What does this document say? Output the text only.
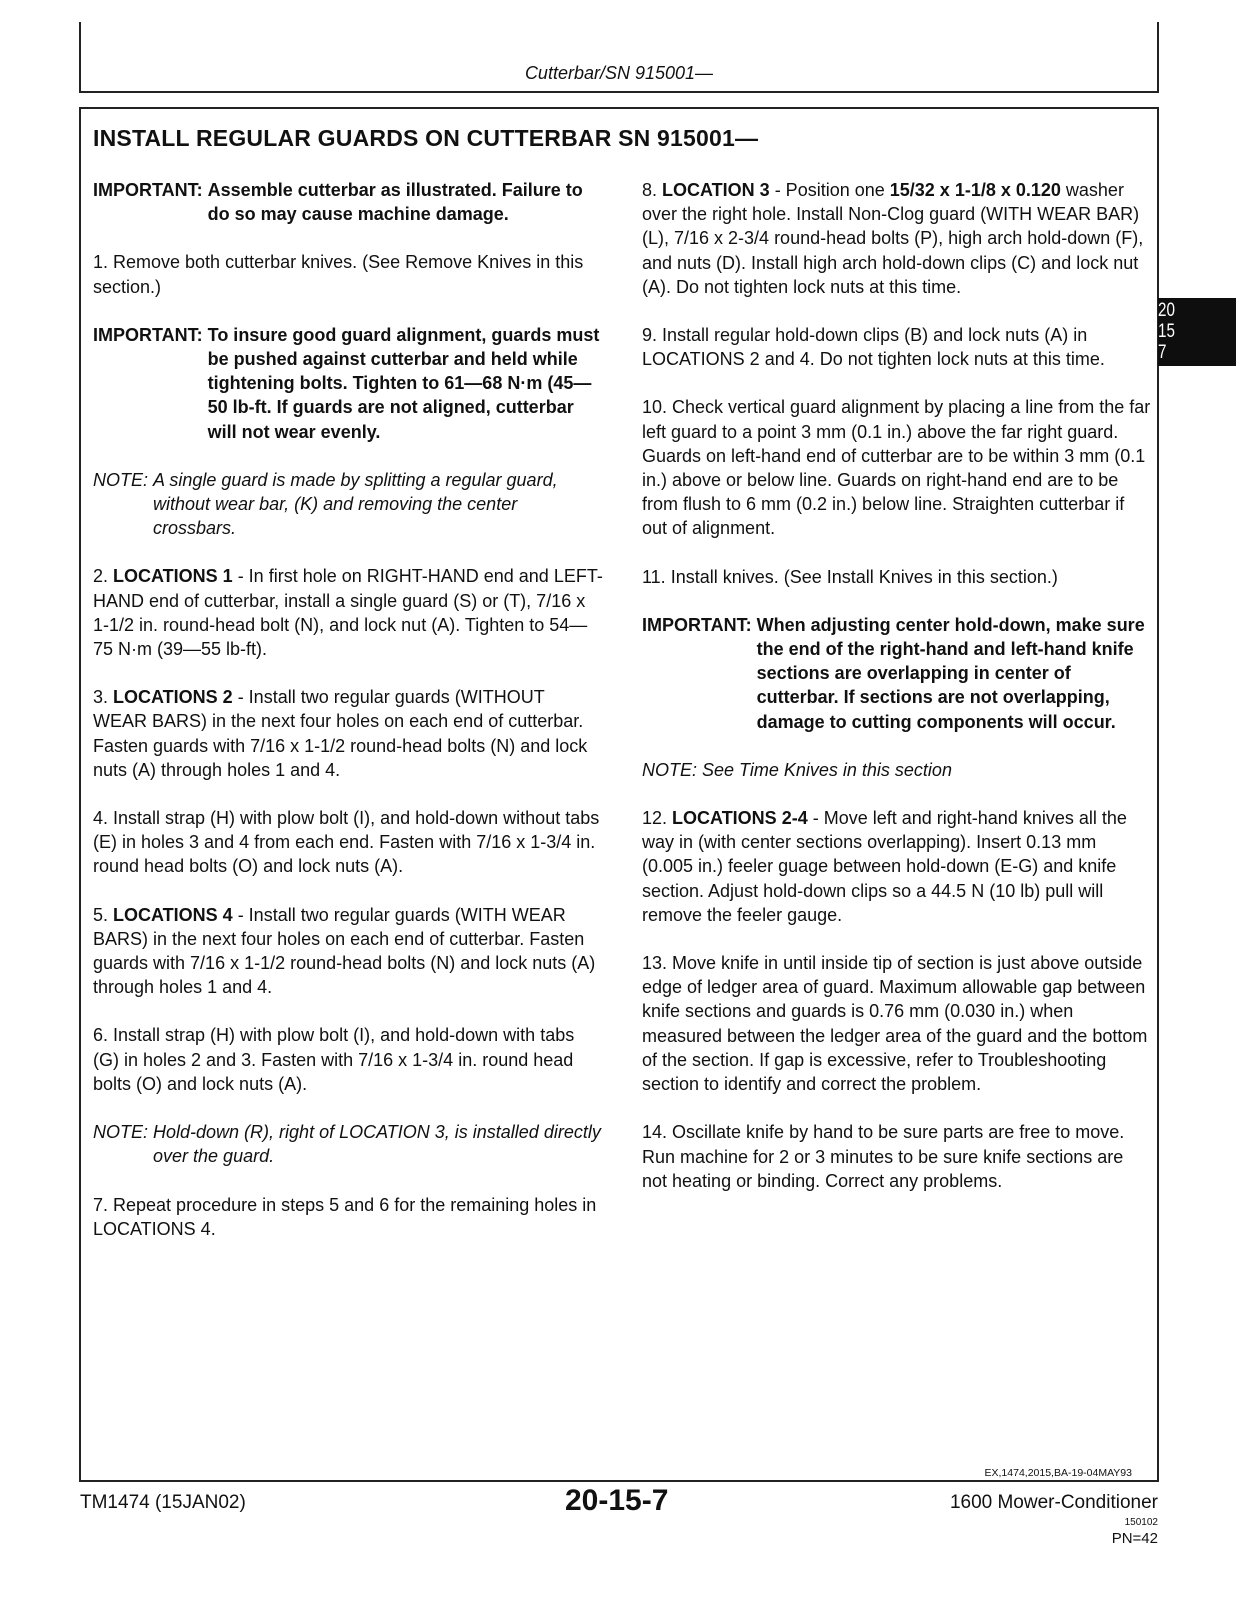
Cutterbar/SN 915001—
INSTALL REGULAR GUARDS ON CUTTERBAR SN 915001—
IMPORTANT: Assemble cutterbar as illustrated. Failure to do so may cause machine damage.

1. Remove both cutterbar knives. (See Remove Knives in this section.)

IMPORTANT: To insure good guard alignment, guards must be pushed against cutterbar and held while tightening bolts. Tighten to 61—68 N·m (45—50 lb-ft. If guards are not aligned, cutterbar will not wear evenly.
NOTE: A single guard is made by splitting a regular guard, without wear bar, (K) and removing the center crossbars.

2. LOCATIONS 1 - In first hole on RIGHT-HAND end and LEFT-HAND end of cutterbar, install a single guard (S) or (T), 7/16 x 1-1/2 in. round-head bolt (N), and lock nut (A). Tighten to 54—75 N·m (39—55 lb-ft).

3. LOCATIONS 2 - Install two regular guards (WITHOUT WEAR BARS) in the next four holes on each end of cutterbar. Fasten guards with 7/16 x 1-1/2 round-head bolts (N) and lock nuts (A) through holes 1 and 4.

4. Install strap (H) with plow bolt (I), and hold-down without tabs (E) in holes 3 and 4 from each end. Fasten with 7/16 x 1-3/4 in. round head bolts (O) and lock nuts (A).

5. LOCATIONS 4 - Install two regular guards (WITH WEAR BARS) in the next four holes on each end of cutterbar. Fasten guards with 7/16 x 1-1/2 round-head bolts (N) and lock nuts (A) through holes 1 and 4.

6. Install strap (H) with plow bolt (I), and hold-down with tabs (G) in holes 2 and 3. Fasten with 7/16 x 1-3/4 in. round head bolts (O) and lock nuts (A).

NOTE: Hold-down (R), right of LOCATION 3, is installed directly over the guard.

7. Repeat procedure in steps 5 and 6 for the remaining holes in LOCATIONS 4.

8. LOCATION 3 - Position one 15/32 x 1-1/8 x 0.120 washer over the right hole. Install Non-Clog guard (WITH WEAR BAR) (L), 7/16 x 2-3/4 round-head bolts (P), high arch hold-down (F), and nuts (D). Install high arch hold-down clips (C) and lock nut (A). Do not tighten lock nuts at this time.

9. Install regular hold-down clips (B) and lock nuts (A) in LOCATIONS 2 and 4. Do not tighten lock nuts at this time.

10. Check vertical guard alignment by placing a line from the far left guard to a point 3 mm (0.1 in.) above the far right guard. Guards on left-hand end of cutterbar are to be within 3 mm (0.1 in.) above or below line. Guards on right-hand end are to be from flush to 6 mm (0.2 in.) below line. Straighten cutterbar if out of alignment.

11. Install knives. (See Install Knives in this section.)

IMPORTANT: When adjusting center hold-down, make sure the end of the right-hand and left-hand knife sections are overlapping in center of cutterbar. If sections are not overlapping, damage to cutting components will occur.

NOTE: See Time Knives in this section

12. LOCATIONS 2-4 - Move left and right-hand knives all the way in (with center sections overlapping). Insert 0.13 mm (0.005 in.) feeler guage between hold-down (E-G) and knife section. Adjust hold-down clips so a 44.5 N (10 lb) pull will remove the feeler gauge.

13. Move knife in until inside tip of section is just above outside edge of ledger area of guard. Maximum allowable gap between knife sections and guards is 0.76 mm (0.030 in.) when measured between the ledger area of the guard and the bottom of the section. If gap is excessive, refer to Troubleshooting section to identify and correct the problem.

14. Oscillate knife by hand to be sure parts are free to move. Run machine for 2 or 3 minutes to be sure knife sections are not heating or binding. Correct any problems.

20
15
7
EX,1474,2015,BA-19-04MAY93
TM1474 (15JAN02)	20-15-7	1600 Mower-Conditioner
150102
PN=42
